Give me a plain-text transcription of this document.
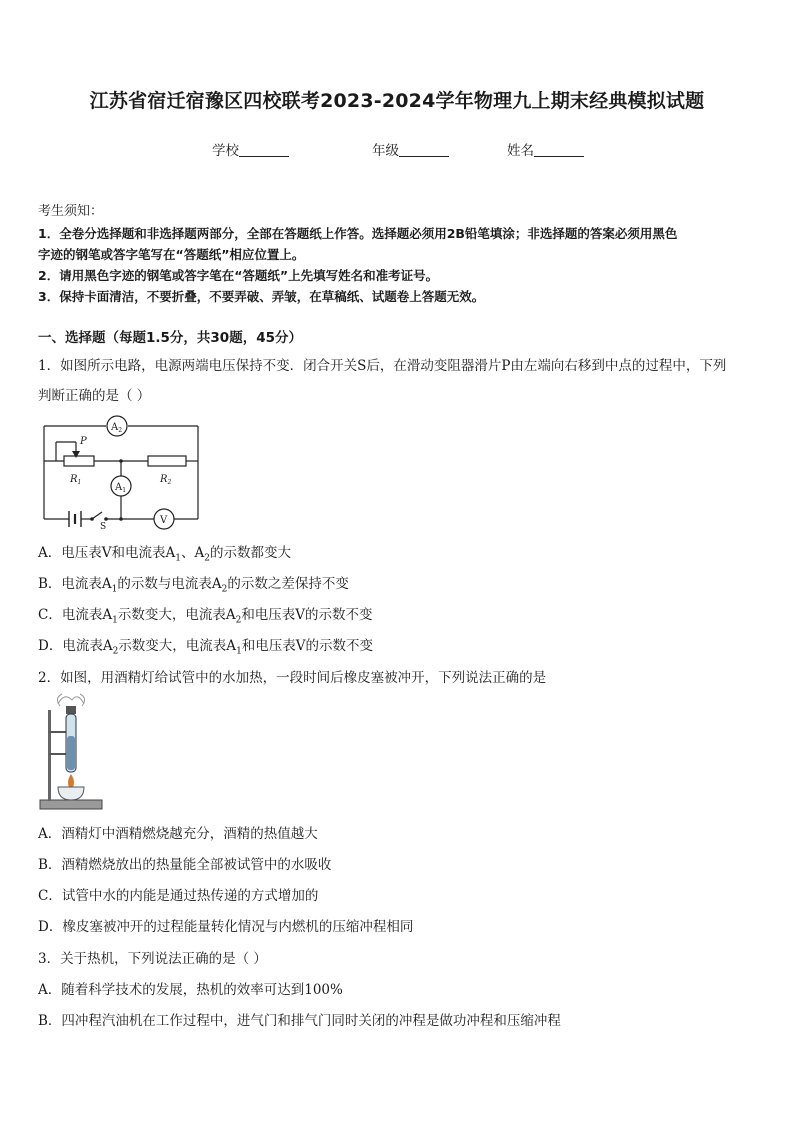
江苏省宿迁宿豫区四校联考2023-2024学年物理九上期末经典模拟试题
学校	年级	姓名
考生须知：
1．全卷分选择题和非选择题两部分，全部在答题纸上作答。选择题必须用2B铅笔填涂；非选择题的答案必须用黑色
字迹的钢笔或答字笔写在“答题纸”相应位置上。
2．请用黑色字迹的钢笔或答字笔在“答题纸”上先填写姓名和准考证号。
3．保持卡面清洁，不要折叠，不要弄破、弄皱，在草稿纸、试题卷上答题无效。
一、选择题（每题1.5分，共30题，45分）
1．如图所示电路，电源两端电压保持不变．闭合开关S后，在滑动变阻器滑片P由左端向右移到中点的过程中，下列
判断正确的是（ ）
$A_2$
P
$R_1$	$R_2$
$A_1$
V
S
A．电压表V和电流表$A_1$、$A_2$的示数都变大
B．电流表$A_1$的示数与电流表$A_2$的示数之差保持不变
C．电流表$A_1$示数变大，电流表$A_2$和电压表V的示数不变
D．电流表$A_2$示数变大，电流表$A_1$和电压表V的示数不变
2．如图，用酒精灯给试管中的水加热，一段时间后橡皮塞被冲开，下列说法正确的是
A．酒精灯中酒精燃烧越充分，酒精的热值越大
B．酒精燃烧放出的热量能全部被试管中的水吸收
C．试管中水的内能是通过热传递的方式增加的
D．橡皮塞被冲开的过程能量转化情况与内燃机的压缩冲程相同
3．关于热机，下列说法正确的是（ ）
A．随着科学技术的发展，热机的效率可达到100%
B．四冲程汽油机在工作过程中，进气门和排气门同时关闭的冲程是做功冲程和压缩冲程
